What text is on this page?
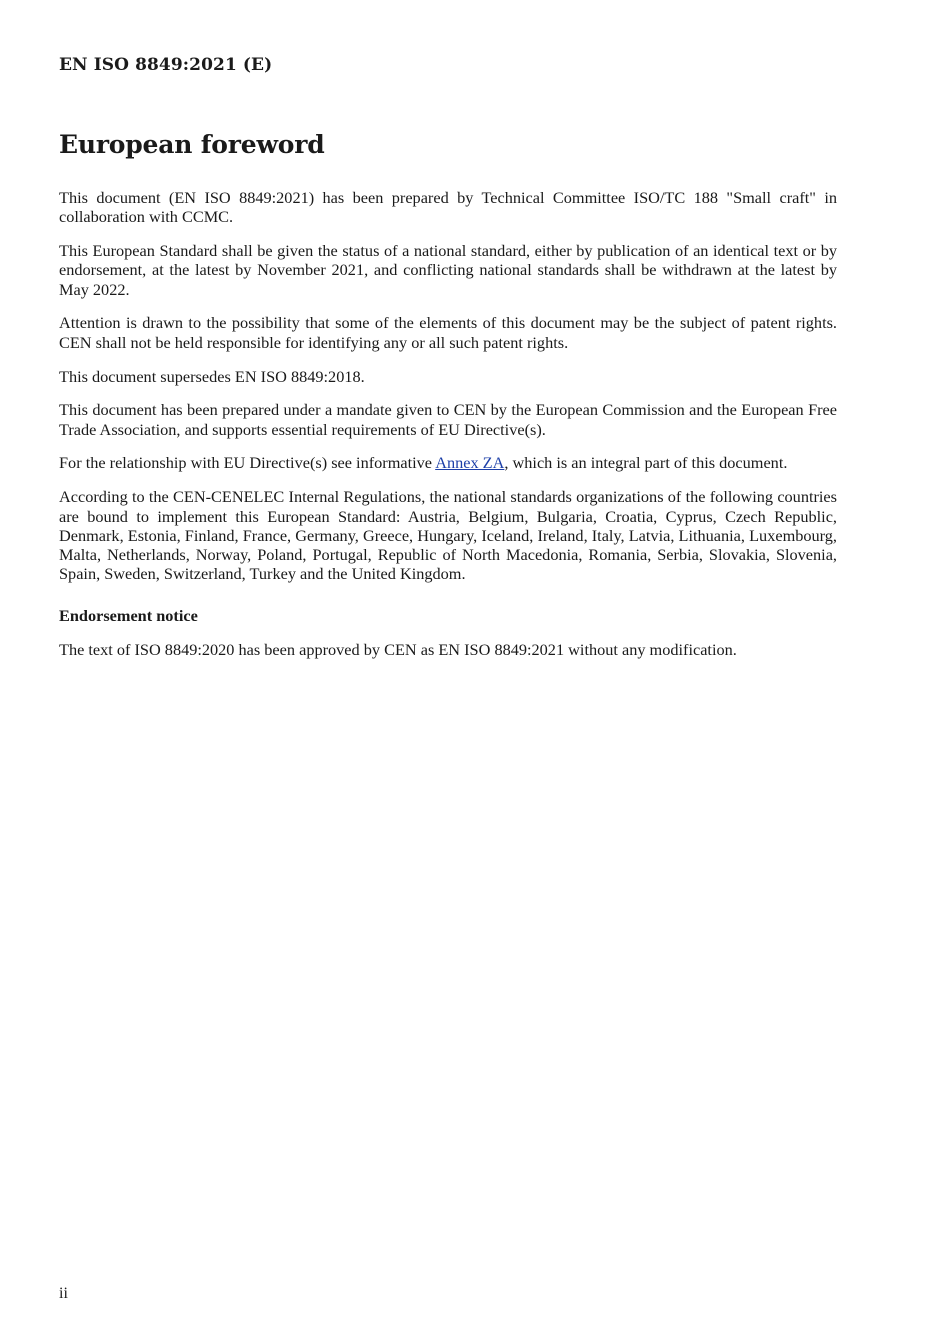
EN ISO 8849:2021 (E)

European foreword

This document (EN ISO 8849:2021) has been prepared by Technical Committee ISO/TC 188 "Small craft" in collaboration with CCMC.

This European Standard shall be given the status of a national standard, either by publication of an identical text or by endorsement, at the latest by November 2021, and conflicting national standards shall be withdrawn at the latest by May 2022.

Attention is drawn to the possibility that some of the elements of this document may be the subject of patent rights. CEN shall not be held responsible for identifying any or all such patent rights.

This document supersedes EN ISO 8849:2018.

This document has been prepared under a mandate given to CEN by the European Commission and the European Free Trade Association, and supports essential requirements of EU Directive(s).

For the relationship with EU Directive(s) see informative Annex ZA, which is an integral part of this document.

According to the CEN-CENELEC Internal Regulations, the national standards organizations of the following countries are bound to implement this European Standard: Austria, Belgium, Bulgaria, Croatia, Cyprus, Czech Republic, Denmark, Estonia, Finland, France, Germany, Greece, Hungary, Iceland, Ireland, Italy, Latvia, Lithuania, Luxembourg, Malta, Netherlands, Norway, Poland, Portugal, Republic of North Macedonia, Romania, Serbia, Slovakia, Slovenia, Spain, Sweden, Switzerland, Turkey and the United Kingdom.

Endorsement notice

The text of ISO 8849:2020 has been approved by CEN as EN ISO 8849:2021 without any modification.

ii
